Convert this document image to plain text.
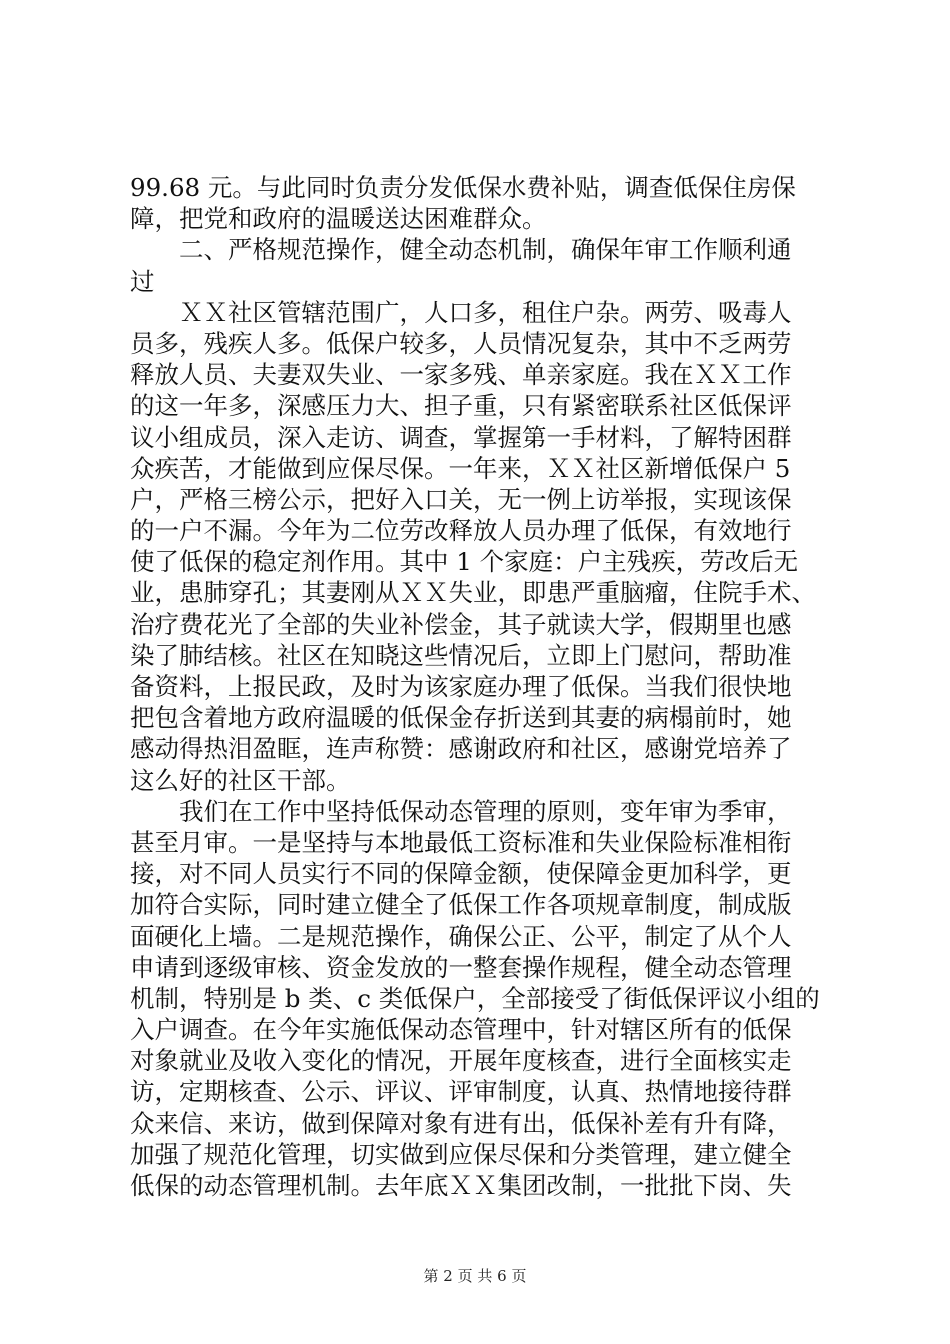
99.68 元。与此同时负责分发低保水费补贴，调查低保住房保
障，把党和政府的温暖送达困难群众。
　　二、严格规范操作，健全动态机制，确保年审工作顺利通
过
　　ＸＸ社区管辖范围广，人口多，租住户杂。两劳、吸毒人
员多，残疾人多。低保户较多，人员情况复杂，其中不乏两劳
释放人员、夫妻双失业、一家多残、单亲家庭。我在ＸＸ工作
的这一年多，深感压力大、担子重，只有紧密联系社区低保评
议小组成员，深入走访、调查，掌握第一手材料，了解特困群
众疾苦，才能做到应保尽保。一年来，ＸＸ社区新增低保户 5
户，严格三榜公示，把好入口关，无一例上访举报，实现该保
的一户不漏。今年为二位劳改释放人员办理了低保，有效地行
使了低保的稳定剂作用。其中 1 个家庭：户主残疾，劳改后无
业，患肺穿孔；其妻刚从ＸＸ失业，即患严重脑瘤，住院手术、
治疗费花光了全部的失业补偿金，其子就读大学，假期里也感
染了肺结核。社区在知晓这些情况后，立即上门慰问，帮助准
备资料，上报民政，及时为该家庭办理了低保。当我们很快地
把包含着地方政府温暖的低保金存折送到其妻的病榻前时，她
感动得热泪盈眶，连声称赞：感谢政府和社区，感谢党培养了
这么好的社区干部。
　　我们在工作中坚持低保动态管理的原则，变年审为季审，
甚至月审。一是坚持与本地最低工资标准和失业保险标准相衔
接，对不同人员实行不同的保障金额，使保障金更加科学，更
加符合实际，同时建立健全了低保工作各项规章制度，制成版
面硬化上墙。二是规范操作，确保公正、公平，制定了从个人
申请到逐级审核、资金发放的一整套操作规程，健全动态管理
机制，特别是 b 类、c 类低保户，全部接受了街低保评议小组的
入户调查。在今年实施低保动态管理中，针对辖区所有的低保
对象就业及收入变化的情况，开展年度核查，进行全面核实走
访，定期核查、公示、评议、评审制度，认真、热情地接待群
众来信、来访，做到保障对象有进有出，低保补差有升有降，
加强了规范化管理，切实做到应保尽保和分类管理，建立健全
低保的动态管理机制。去年底ＸＸ集团改制，一批批下岗、失
第 2 页 共 6 页
